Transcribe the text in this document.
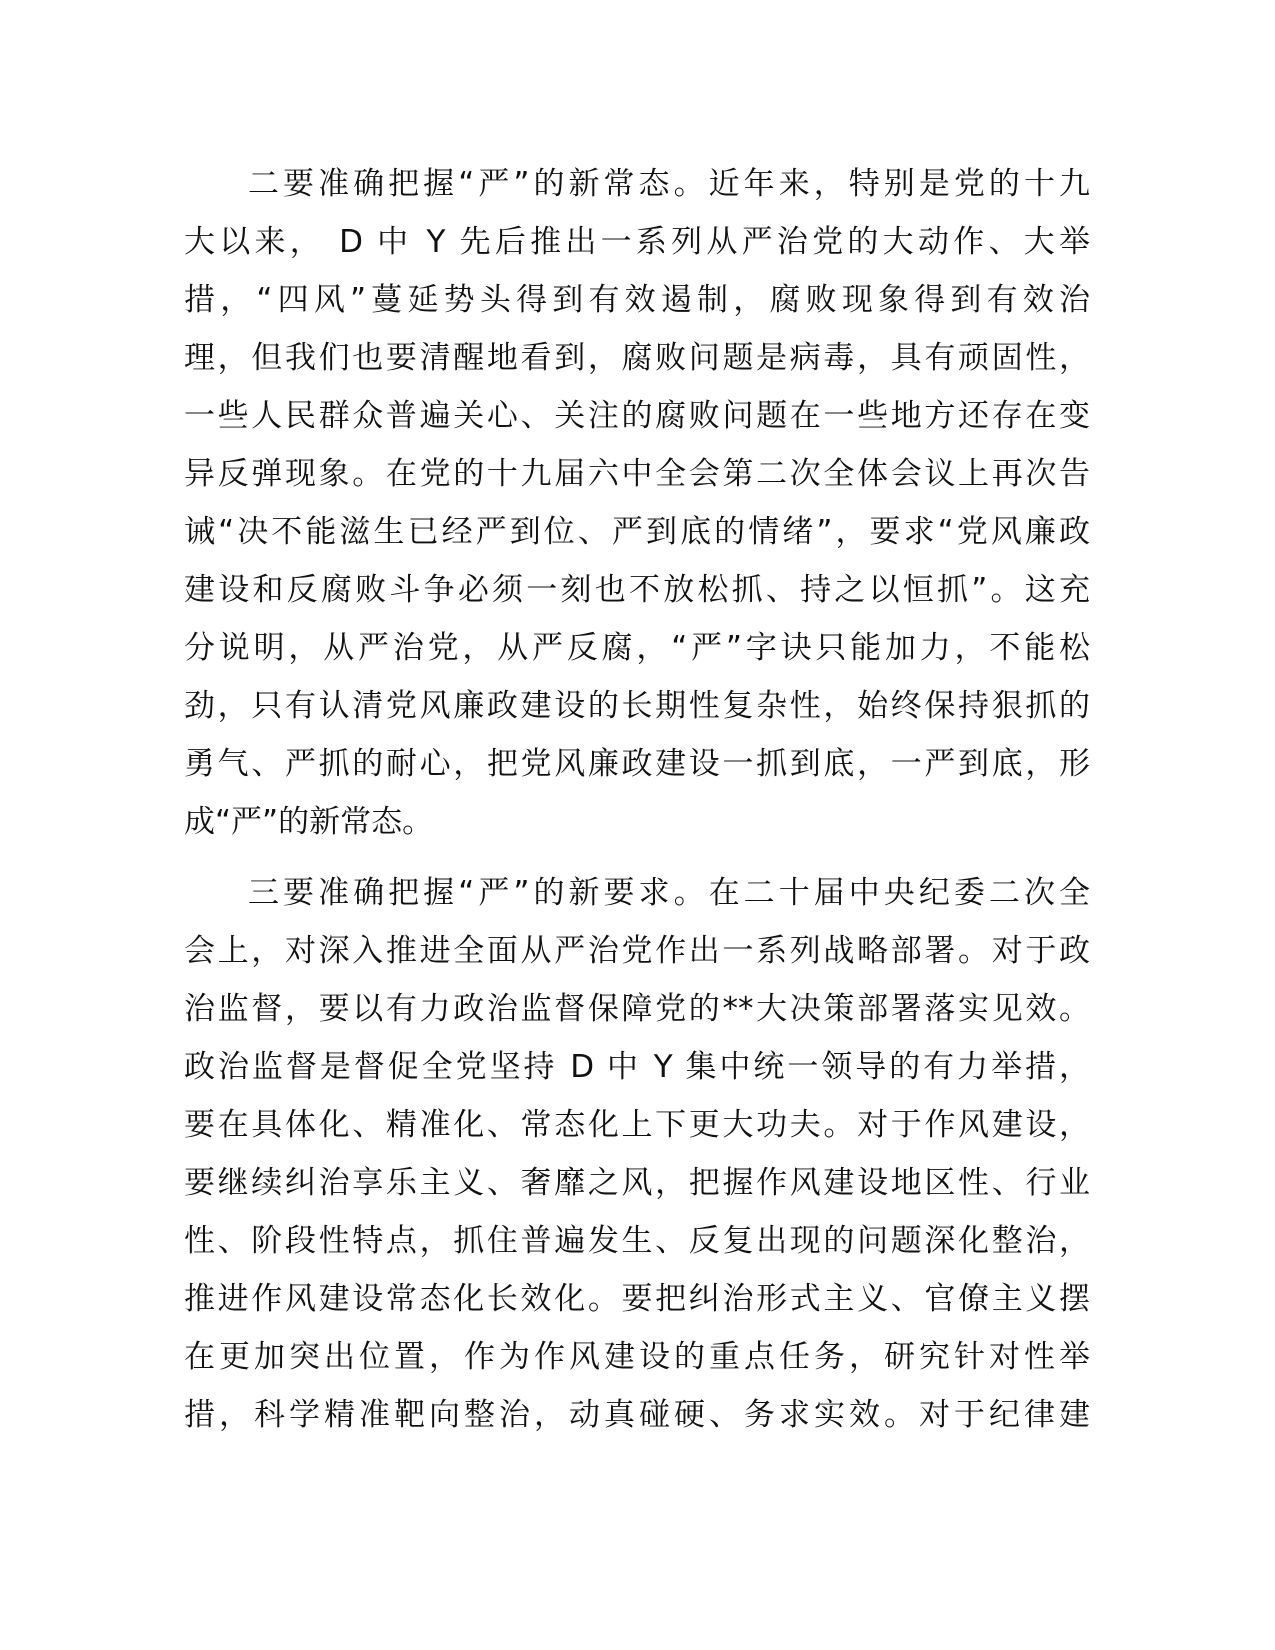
二要准确把握“严”的新常态。近年来，特别是党的十九
大以来， D 中 Y 先后推出一系列从严治党的大动作、大举
措，“四风”蔓延势头得到有效遏制，腐败现象得到有效治
理，但我们也要清醒地看到，腐败问题是病毒，具有顽固性，
一些人民群众普遍关心、关注的腐败问题在一些地方还存在变
异反弹现象。在党的十九届六中全会第二次全体会议上再次告
诫“决不能滋生已经严到位、严到底的情绪”，要求“党风廉政
建设和反腐败斗争必须一刻也不放松抓、持之以恒抓”。这充
分说明，从严治党，从严反腐，“严”字诀只能加力，不能松
劲，只有认清党风廉政建设的长期性复杂性，始终保持狠抓的
勇气、严抓的耐心，把党风廉政建设一抓到底，一严到底，形
成“严”的新常态。
三要准确把握“严”的新要求。在二十届中央纪委二次全
会上，对深入推进全面从严治党作出一系列战略部署。对于政
治监督，要以有力政治监督保障党的**大决策部署落实见效。
政治监督是督促全党坚持 D 中 Y 集中统一领导的有力举措，
要在具体化、精准化、常态化上下更大功夫。对于作风建设，
要继续纠治享乐主义、奢靡之风，把握作风建设地区性、行业
性、阶段性特点，抓住普遍发生、反复出现的问题深化整治，
推进作风建设常态化长效化。要把纠治形式主义、官僚主义摆
在更加突出位置，作为作风建设的重点任务，研究针对性举
措，科学精准靶向整治，动真碰硬、务求实效。对于纪律建
